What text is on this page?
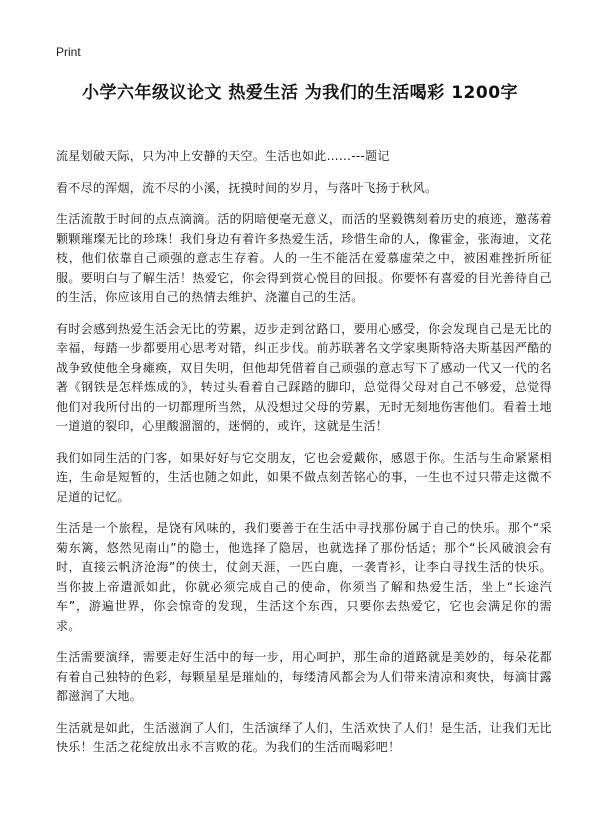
Print
小学六年级议论文 热爱生活 为我们的生活喝彩 1200字

流星划破天际，只为冲上安静的天空。生活也如此……---题记

看不尽的浑烟，流不尽的小溪，抚摸时间的岁月，与落叶飞扬于秋风。

生活流散于时间的点点滴滴。活的阴暗便毫无意义，而活的坚毅镌刻着历史的痕迹，邀荡着颗颗璀璨无比的珍珠！我们身边有着许多热爱生活，珍惜生命的人，像霍金，张海迪，文花枝，他们依靠自己顽强的意志生存着。人的一生不能活在爱慕虚荣之中，被困难挫折所征服。要明白与了解生活！热爱它，你会得到赏心悦目的回报。你要怀有喜爱的目光善待自己的生活，你应该用自己的热情去维护、浇灌自己的生活。

有时会感到热爱生活会无比的劳累，迈步走到岔路口，要用心感受，你会发现自己是无比的幸福，每踏一步都要用心思考对错，纠正步伐。前苏联著名文学家奥斯特洛夫斯基因严酷的战争致使他全身瘫痪，双目失明，但他却凭借着自己顽强的意志写下了感动一代又一代的名著《钢铁是怎样炼成的》，转过头看着自己踩踏的脚印，总觉得父母对自己不够爱，总觉得他们对我所付出的一切都理所当然，从没想过父母的劳累，无时无刻地伤害他们。看着土地一道道的裂印，心里酸溜溜的，迷惘的，或许，这就是生活！

我们如同生活的门客，如果好好与它交朋友，它也会爱戴你，感恩于你。生活与生命紧紧相连，生命是短暂的，生活也随之如此，如果不做点刻苦铭心的事，一生也不过只带走这微不足道的记忆。

生活是一个旅程，是饶有风味的，我们要善于在生活中寻找那份属于自己的快乐。那个“采菊东篱，悠然见南山”的隐士，他选择了隐居，也就选择了那份恬适；那个“长风破浪会有时，直接云帆济沧海”的侠士，仗剑天涯，一匹白鹿，一袭青衫，让李白寻找生活的快乐。当你披上帝遣派如此，你就必须完成自己的使命，你须当了解和热爱生活，坐上“长途汽车”，游遍世界，你会惊奇的发现，生活这个东西，只要你去热爱它，它也会满足你的需求。

生活需要演绎，需要走好生活中的每一步，用心呵护，那生命的道路就是美妙的，每朵花都有着自己独特的色彩，每颗星星是璀灿的，每缕清风都会为人们带来清凉和爽快，每滴甘露都滋润了大地。

生活就是如此，生活滋润了人们，生活演绎了人们，生活欢快了人们！是生活，让我们无比快乐！生活之花绽放出永不言败的花。为我们的生活而喝彩吧！
